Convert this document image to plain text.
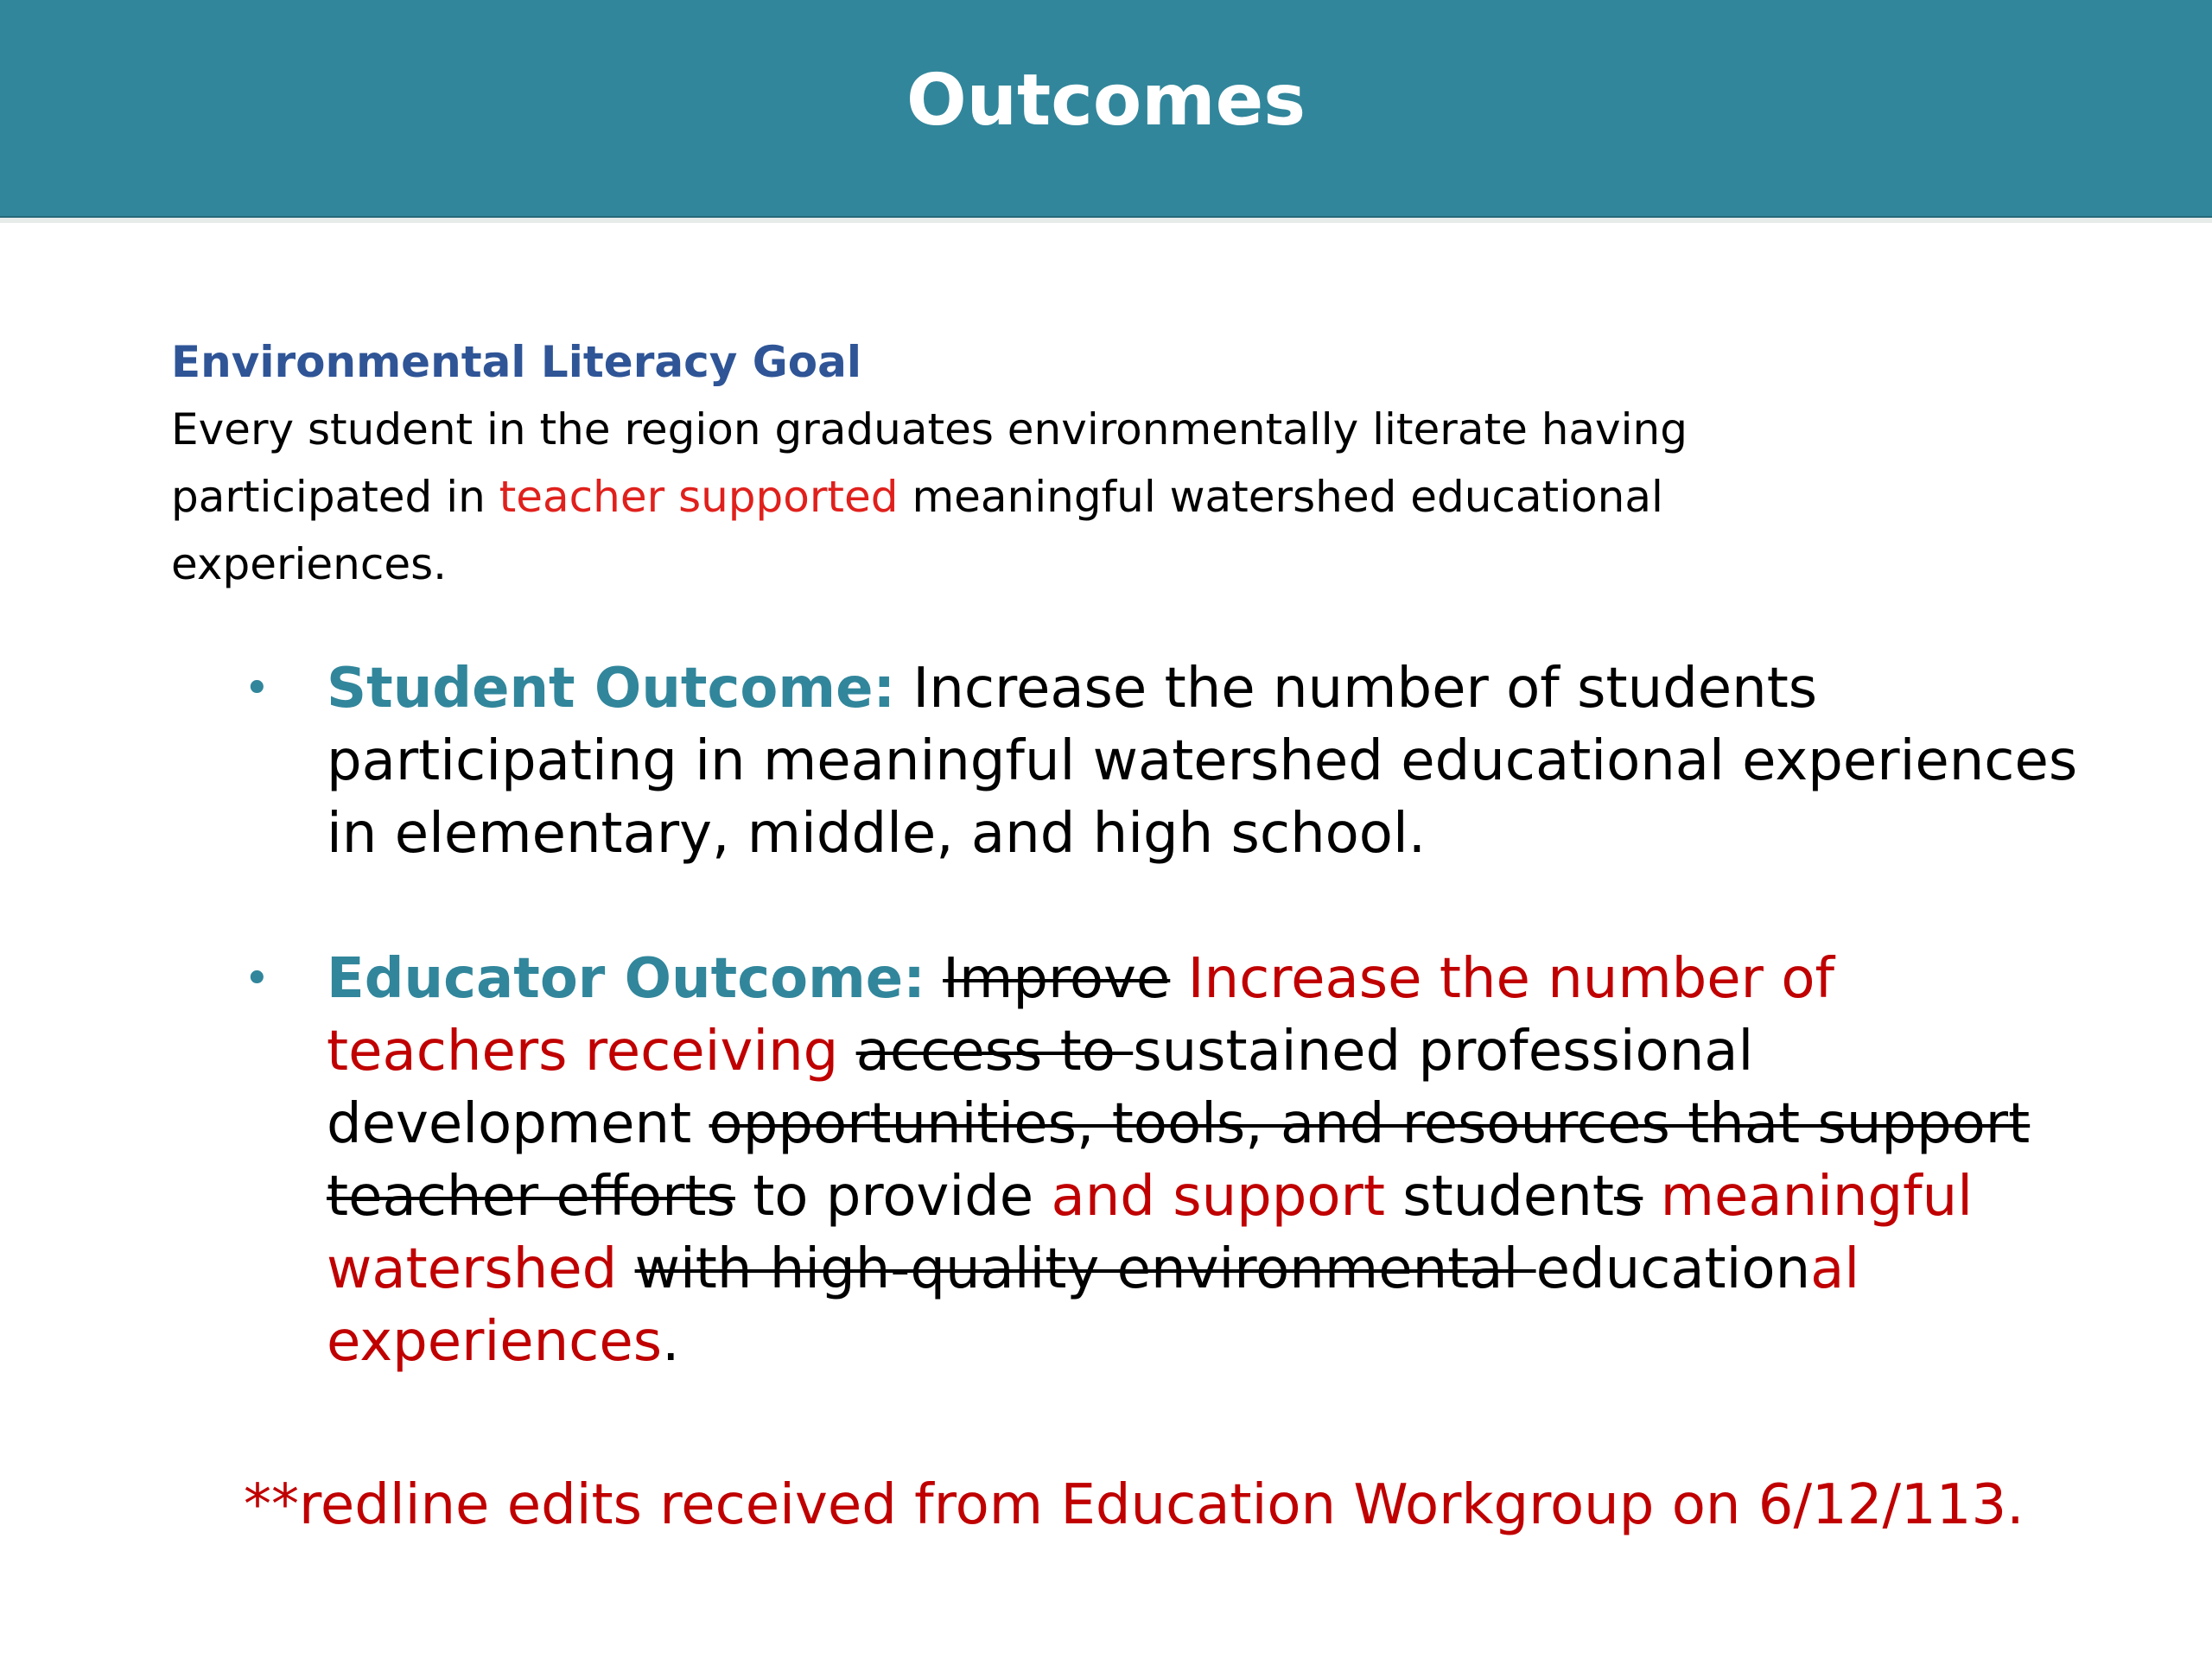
Outcomes
Environmental Literacy Goal
Every student in the region graduates environmentally literate having participated in teacher supported meaningful watershed educational experiences.
• Student Outcome: Increase the number of students participating in meaningful watershed educational experiences in elementary, middle, and high school.
• Educator Outcome: Improve Increase the number of teachers receiving access to sustained professional development opportunities, tools, and resources that support teacher efforts to provide and support students meaningful watershed with high-quality environmental educational experiences.
**redline edits received from Education Workgroup on 6/12/113.
